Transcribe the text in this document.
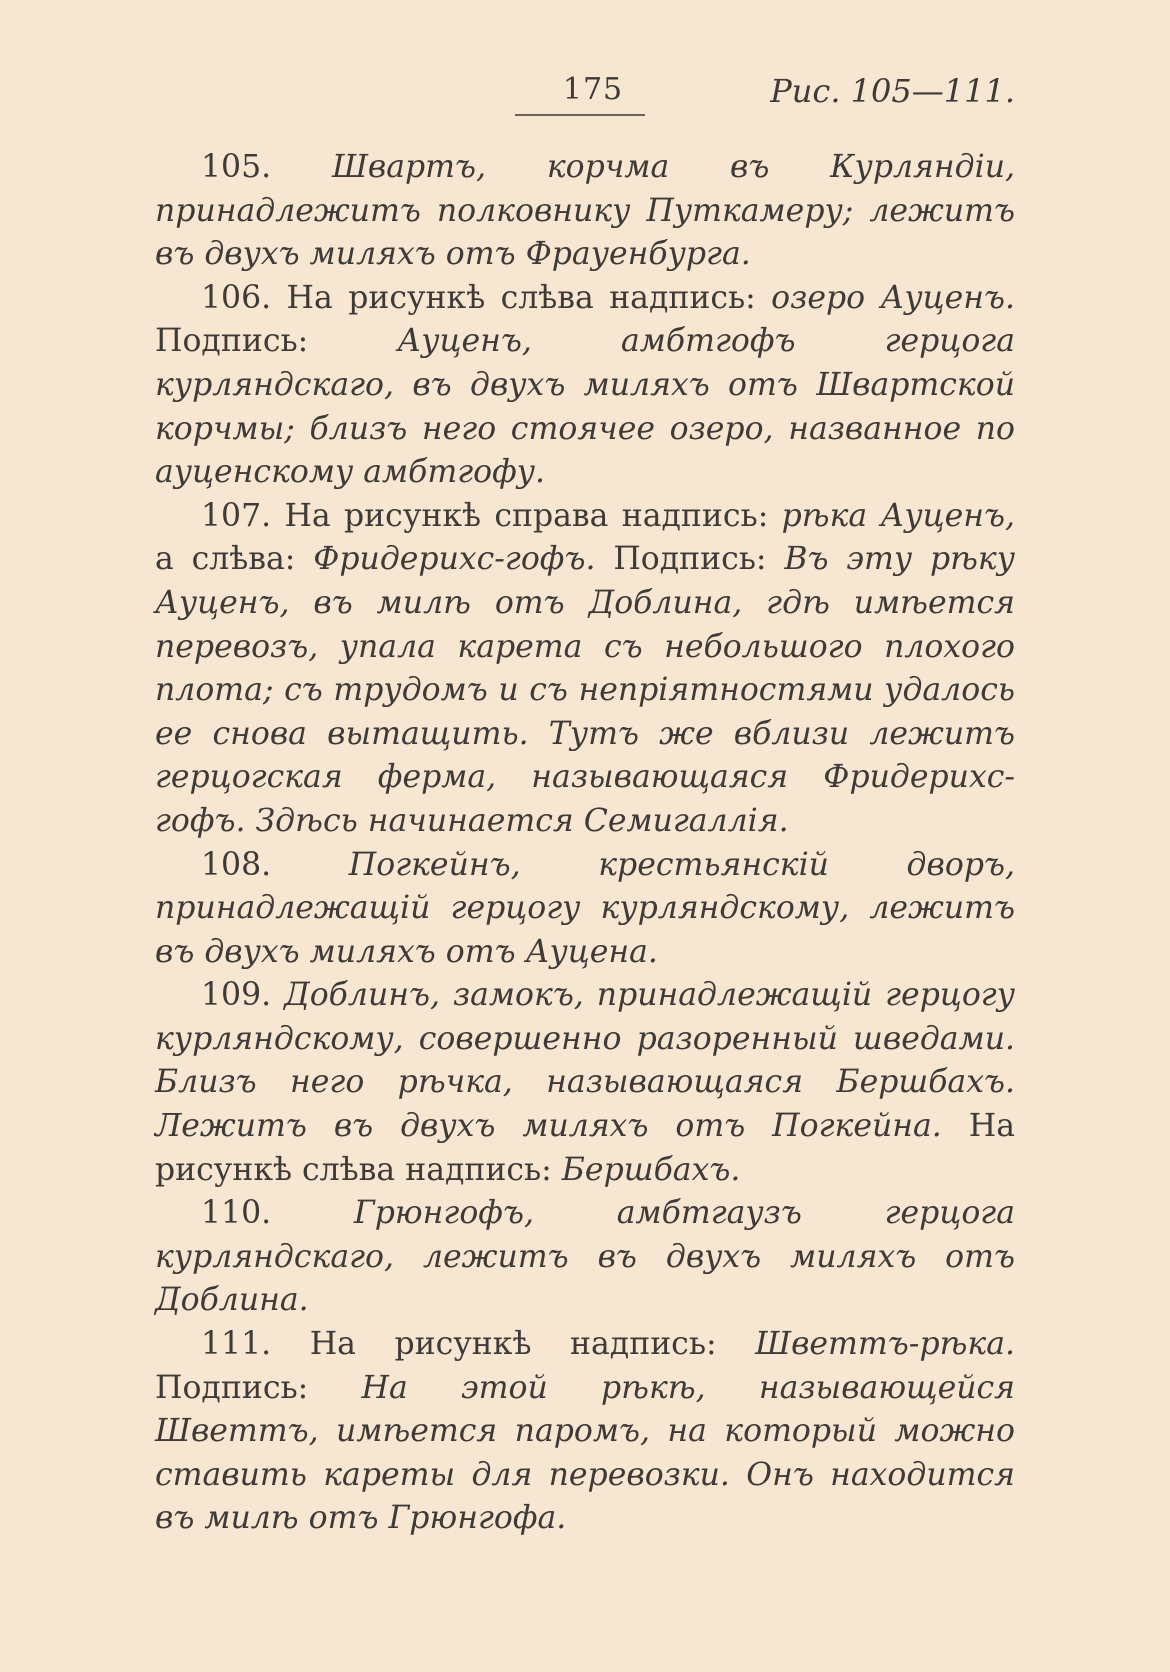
175	Рис. 105—111.

105. Швартъ, корчма въ Курляндіи, принадлежитъ полковнику Путкамеру; лежитъ въ двухъ миляхъ отъ Фрауенбурга.

106. На рисункѣ слѣва надпись: озеро Ауценъ. Подпись:	Ауценъ, амбтгофъ герцога курляндскаго, въ двухъ миляхъ отъ Швартской корчмы; близъ него стоячее озеро, названное по ауценскому амбтгофу.

107. На рисункѣ справа надпись: рѣка Ауценъ, а слѣва: Фридерихс-гофъ. Подпись: Въ эту рѣку Ауценъ, въ милѣ отъ Доблина, гдѣ имѣется перевозъ, упала карета съ небольшого плохого плота; съ трудомъ и съ непріятностями удалось ее снова вытащить. Тутъ же вблизи лежитъ герцогская ферма, называющаяся Фридерихс-гофъ. Здѣсь начинается Семигаллія.

108. Погкейнъ, крестьянскій дворъ, принадлежащій герцогу курляндскому, лежитъ въ двухъ миляхъ отъ Ауцена.

109. Доблинъ, замокъ, принадлежащій герцогу курляндскому, совершенно разоренный шведами. Близъ него рѣчка, называющаяся Бершбахъ. Лежитъ въ двухъ миляхъ отъ Погкейна. На рисункѣ слѣва надпись: Бершбахъ.

110.	Грюнгофъ, амбтгаузъ герцога курляндскаго, лежитъ въ двухъ миляхъ отъ Доблина.

111. На рисункѣ надпись: Шветтъ-рѣка. Подпись: На этой рѣкѣ, называющейся Шветтъ, имѣется паромъ, на который можно ставить кареты для перевозки. Онъ находится въ милѣ отъ Грюнгофа.
